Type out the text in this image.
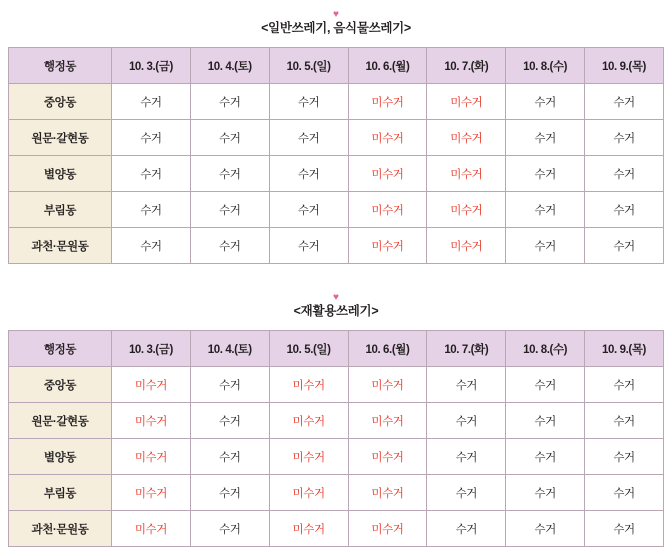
♥
<일반쓰레기, 음식물쓰레기>
행정동	10. 3.(금)	10. 4.(토)	10. 5.(일)	10. 6.(월)	10. 7.(화)	10. 8.(수)	10. 9.(목)
중앙동	수거	수거	수거	미수거	미수거	수거	수거
원문·갈현동	수거	수거	수거	미수거	미수거	수거	수거
별양동	수거	수거	수거	미수거	미수거	수거	수거
부림동	수거	수거	수거	미수거	미수거	수거	수거
과천·문원동	수거	수거	수거	미수거	미수거	수거	수거
♥
<재활용쓰레기>
행정동	10. 3.(금)	10. 4.(토)	10. 5.(일)	10. 6.(월)	10. 7.(화)	10. 8.(수)	10. 9.(목)
중앙동	미수거	수거	미수거	미수거	수거	수거	수거
원문·갈현동	미수거	수거	미수거	미수거	수거	수거	수거
별양동	미수거	수거	미수거	미수거	수거	수거	수거
부림동	미수거	수거	미수거	미수거	수거	수거	수거
과천·문원동	미수거	수거	미수거	미수거	수거	수거	수거
